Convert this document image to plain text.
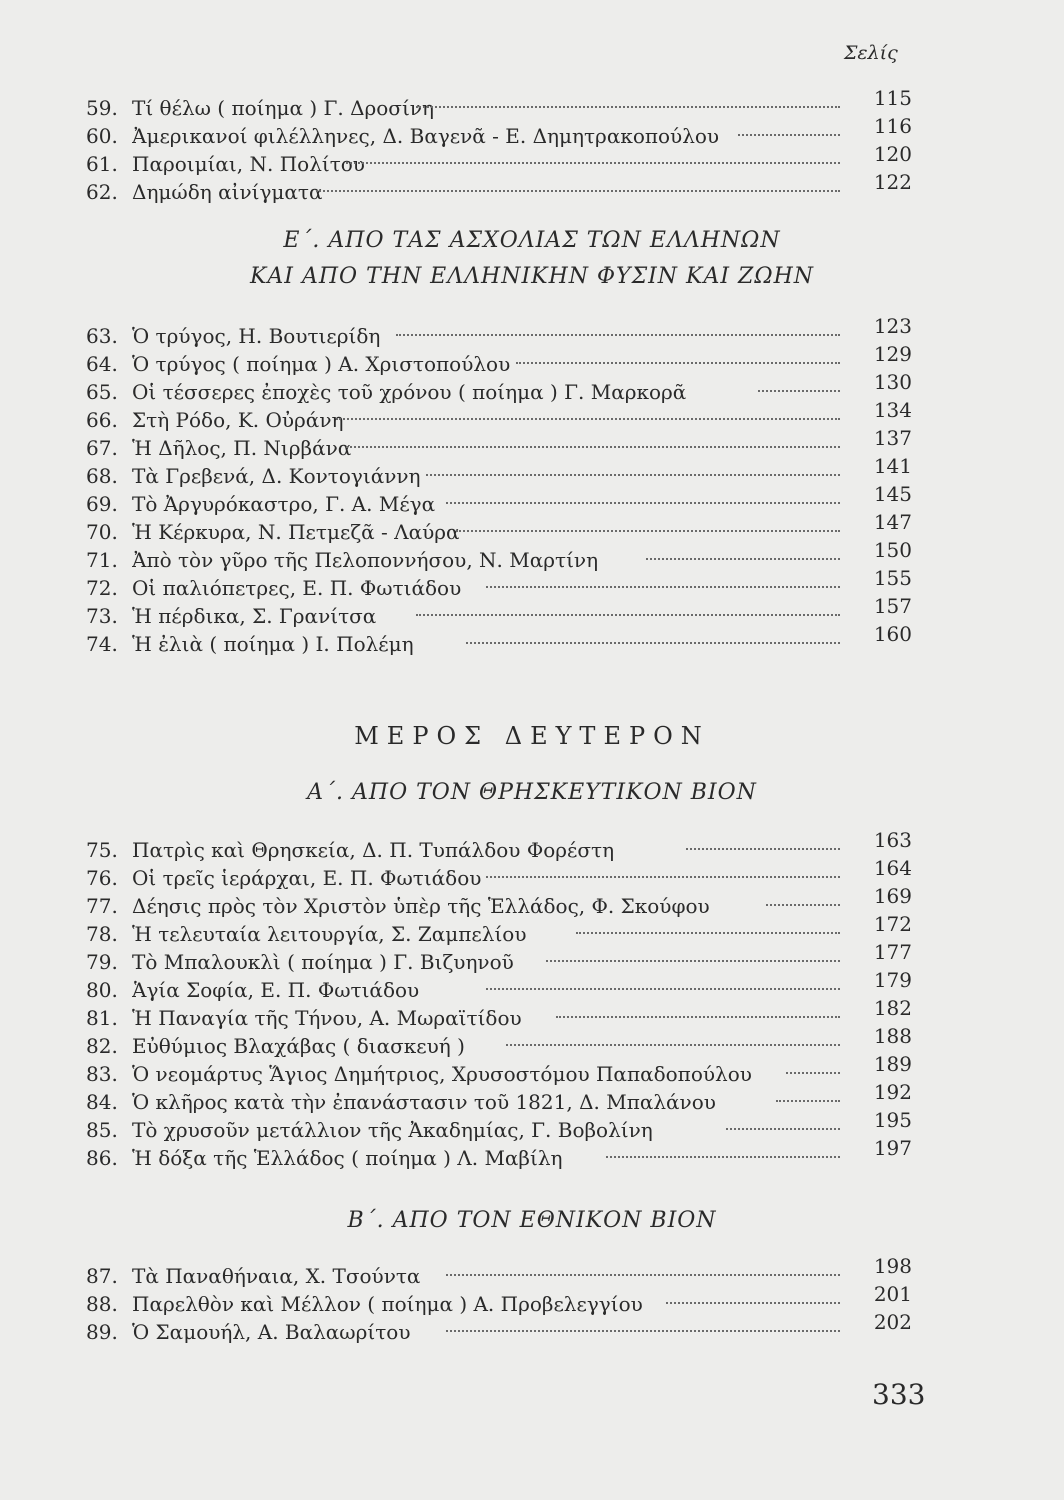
Σελίς
59. Τί θέλω ( ποίημα ) Γ. Δροσίνη	115
60. Ἀμερικανοί φιλέλληνες, Δ. Βαγενᾶ - Ε. Δημητρακοπούλου	116
61. Παροιμίαι, Ν. Πολίτου	120
62. Δημώδη αἰνίγματα	122
Ε΄. ΑΠΟ ΤΑΣ ΑΣΧΟΛΙΑΣ ΤΩΝ ΕΛΛΗΝΩΝ
ΚΑΙ ΑΠΟ ΤΗΝ ΕΛΛΗΝΙΚΗΝ ΦΥΣΙΝ ΚΑΙ ΖΩΗΝ
63. Ὁ τρύγος, Η. Βουτιερίδη	123
64. Ὁ τρύγος ( ποίημα ) Α. Χριστοπούλου	129
65. Οἱ τέσσερες ἐποχὲς τοῦ χρόνου ( ποίημα ) Γ. Μαρκορᾶ	130
66. Στὴ Ρόδο, Κ. Οὐράνη	134
67. Ἡ Δῆλος, Π. Νιρβάνα	137
68. Τὰ Γρεβενά, Δ. Κοντογιάννη	141
69. Τὸ Ἀργυρόκαστρο, Γ. Α. Μέγα	145
70. Ἡ Κέρκυρα, Ν. Πετμεζᾶ - Λαύρα	147
71. Ἀπὸ τὸν γῦρο τῆς Πελοποννήσου, Ν. Μαρτίνη	150
72. Οἱ παλιόπετρες, Ε. Π. Φωτιάδου	155
73. Ἡ πέρδικα, Σ. Γρανίτσα	157
74. Ἡ ἐλιὰ ( ποίημα ) Ι. Πολέμη	160
ΜΕΡΟΣ ΔΕΥΤΕΡΟΝ
Α΄. ΑΠΟ ΤΟΝ ΘΡΗΣΚΕΥΤΙΚΟΝ ΒΙΟΝ
75. Πατρὶς καὶ Θρησκεία, Δ. Π. Τυπάλδου Φορέστη	163
76. Οἱ τρεῖς ἱεράρχαι, Ε. Π. Φωτιάδου	164
77. Δέησις πρὸς τὸν Χριστὸν ὑπὲρ τῆς Ἑλλάδος, Φ. Σκούφου	169
78. Ἡ τελευταία λειτουργία, Σ. Ζαμπελίου	172
79. Τὸ Μπαλουκλὶ ( ποίημα ) Γ. Βιζυηνοῦ	177
80. Ἁγία Σοφία, Ε. Π. Φωτιάδου	179
81. Ἡ Παναγία τῆς Τήνου, Α. Μωραϊτίδου	182
82. Εὐθύμιος Βλαχάβας ( διασκευή )	188
83. Ὁ νεομάρτυς Ἅγιος Δημήτριος, Χρυσοστόμου Παπαδοπούλου	189
84. Ὁ κλῆρος κατὰ τὴν ἐπανάστασιν τοῦ 1821, Δ. Μπαλάνου	192
85. Τὸ χρυσοῦν μετάλλιον τῆς Ἀκαδημίας, Γ. Βοβολίνη	195
86. Ἡ δόξα τῆς Ἑλλάδος ( ποίημα ) Λ. Μαβίλη	197
Β΄. ΑΠΟ ΤΟΝ ΕΘΝΙΚΟΝ ΒΙΟΝ
87. Τὰ Παναθήναια, Χ. Τσούντα	198
88. Παρελθὸν καὶ Μέλλον ( ποίημα ) Α. Προβελεγγίου	201
89. Ὁ Σαμουήλ, Α. Βαλαωρίτου	202
333
